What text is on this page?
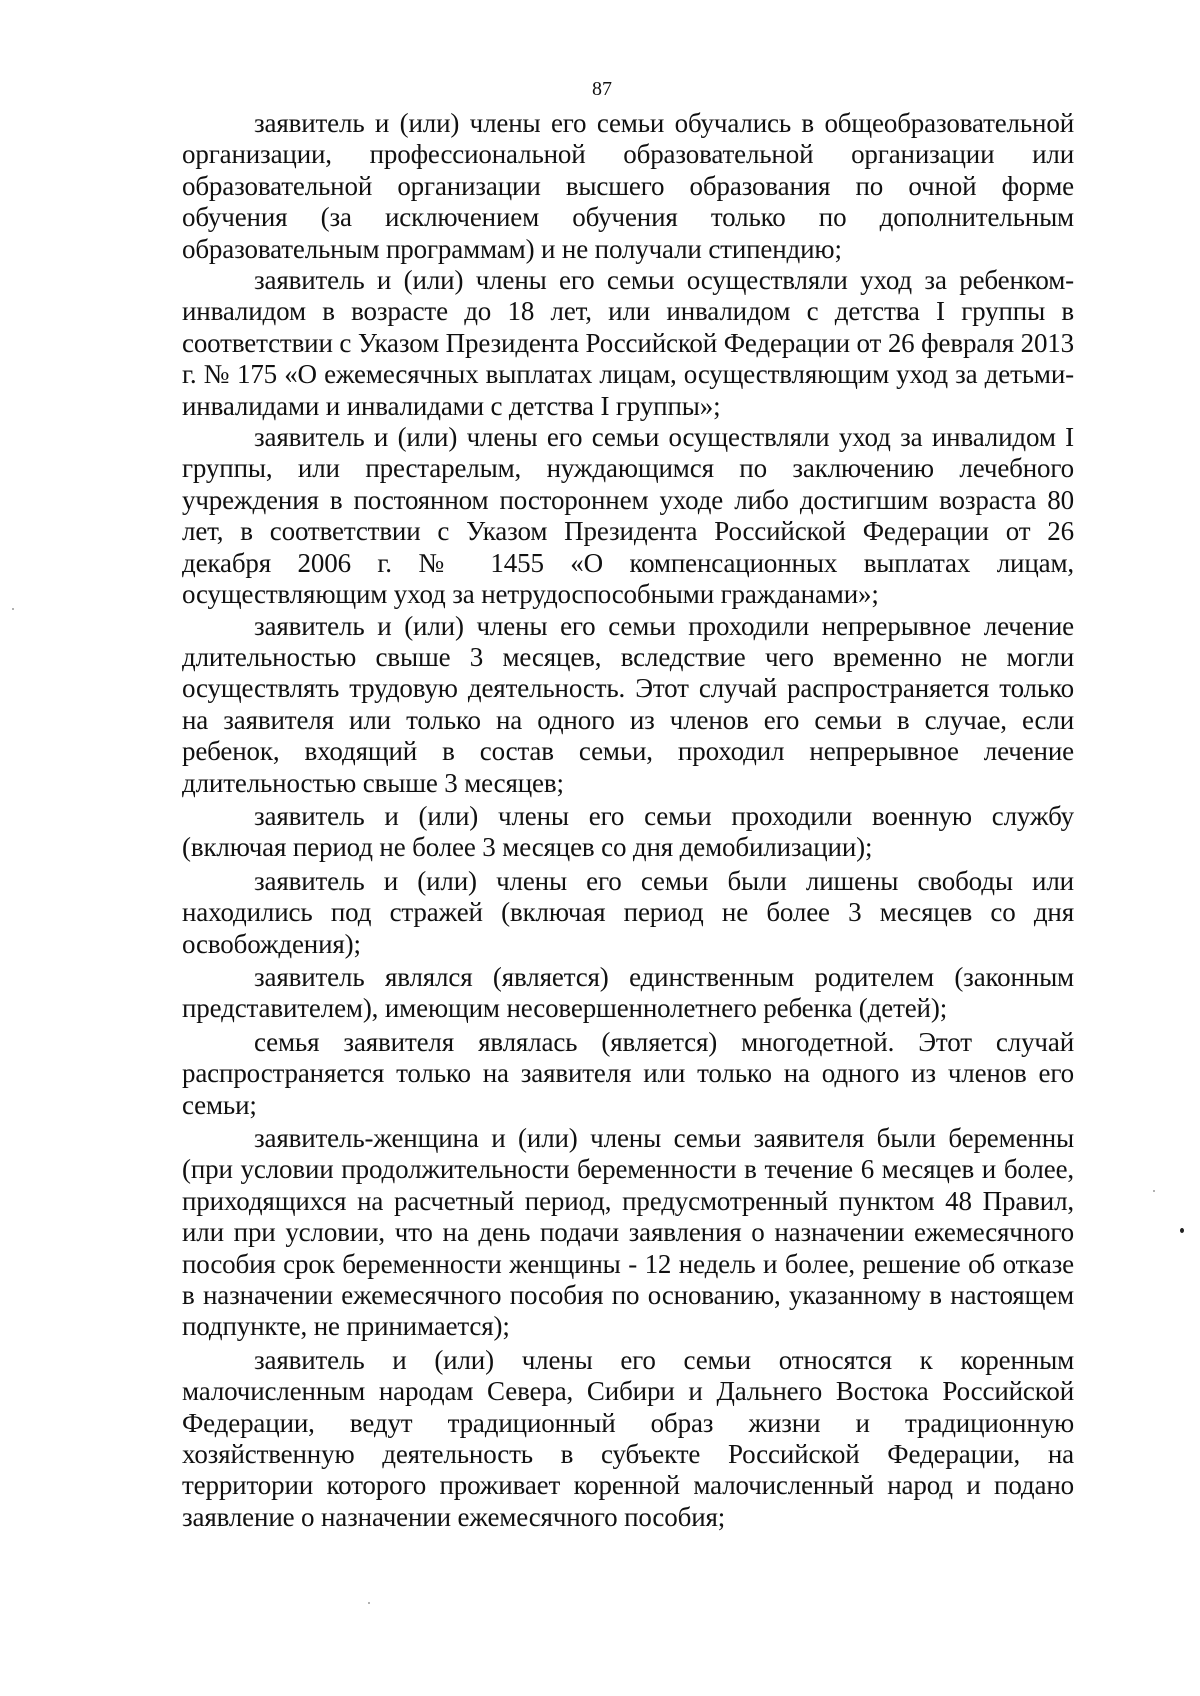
87

заявитель и (или) члены его семьи обучались в общеобразовательной организации, профессиональной образовательной организации или образовательной организации высшего образования по очной форме обучения (за исключением обучения только по дополнительным образовательным программам) и не получали стипендию;

заявитель и (или) члены его семьи осуществляли уход за ребенком-инвалидом в возрасте до 18 лет, или инвалидом с детства I группы в соответствии с Указом Президента Российской Федерации от 26 февраля 2013 г. № 175 «О ежемесячных выплатах лицам, осуществляющим уход за детьми-инвалидами и инвалидами с детства I группы»;

заявитель и (или) члены его семьи осуществляли уход за инвалидом I группы, или престарелым, нуждающимся по заключению лечебного учреждения в постоянном постороннем уходе либо достигшим возраста 80 лет, в соответствии с Указом Президента Российской Федерации от 26 декабря 2006 г. № 1455 «О компенсационных выплатах лицам, осуществляющим уход за нетрудоспособными гражданами»;

заявитель и (или) члены его семьи проходили непрерывное лечение длительностью свыше 3 месяцев, вследствие чего временно не могли осуществлять трудовую деятельность. Этот случай распространяется только на заявителя или только на одного из членов его семьи в случае, если ребенок, входящий в состав семьи, проходил непрерывное лечение длительностью свыше 3 месяцев;

заявитель и (или) члены его семьи проходили военную службу (включая период не более 3 месяцев со дня демобилизации);

заявитель и (или) члены его семьи были лишены свободы или находились под стражей (включая период не более 3 месяцев со дня освобождения);

заявитель являлся (является) единственным родителем (законным представителем), имеющим несовершеннолетнего ребенка (детей);

семья заявителя являлась (является) многодетной. Этот случай распространяется только на заявителя или только на одного из членов его семьи;

заявитель-женщина и (или) члены семьи заявителя были беременны (при условии продолжительности беременности в течение 6 месяцев и более, приходящихся на расчетный период, предусмотренный пунктом 48 Правил, или при условии, что на день подачи заявления о назначении ежемесячного пособия срок беременности женщины - 12 недель и более, решение об отказе в назначении ежемесячного пособия по основанию, указанному в настоящем подпункте, не принимается);

заявитель и (или) члены его семьи относятся к коренным малочисленным народам Севера, Сибири и Дальнего Востока Российской Федерации, ведут традиционный образ жизни и традиционную хозяйственную деятельность в субъекте Российской Федерации, на территории которого проживает коренной малочисленный народ и подано заявление о назначении ежемесячного пособия;
